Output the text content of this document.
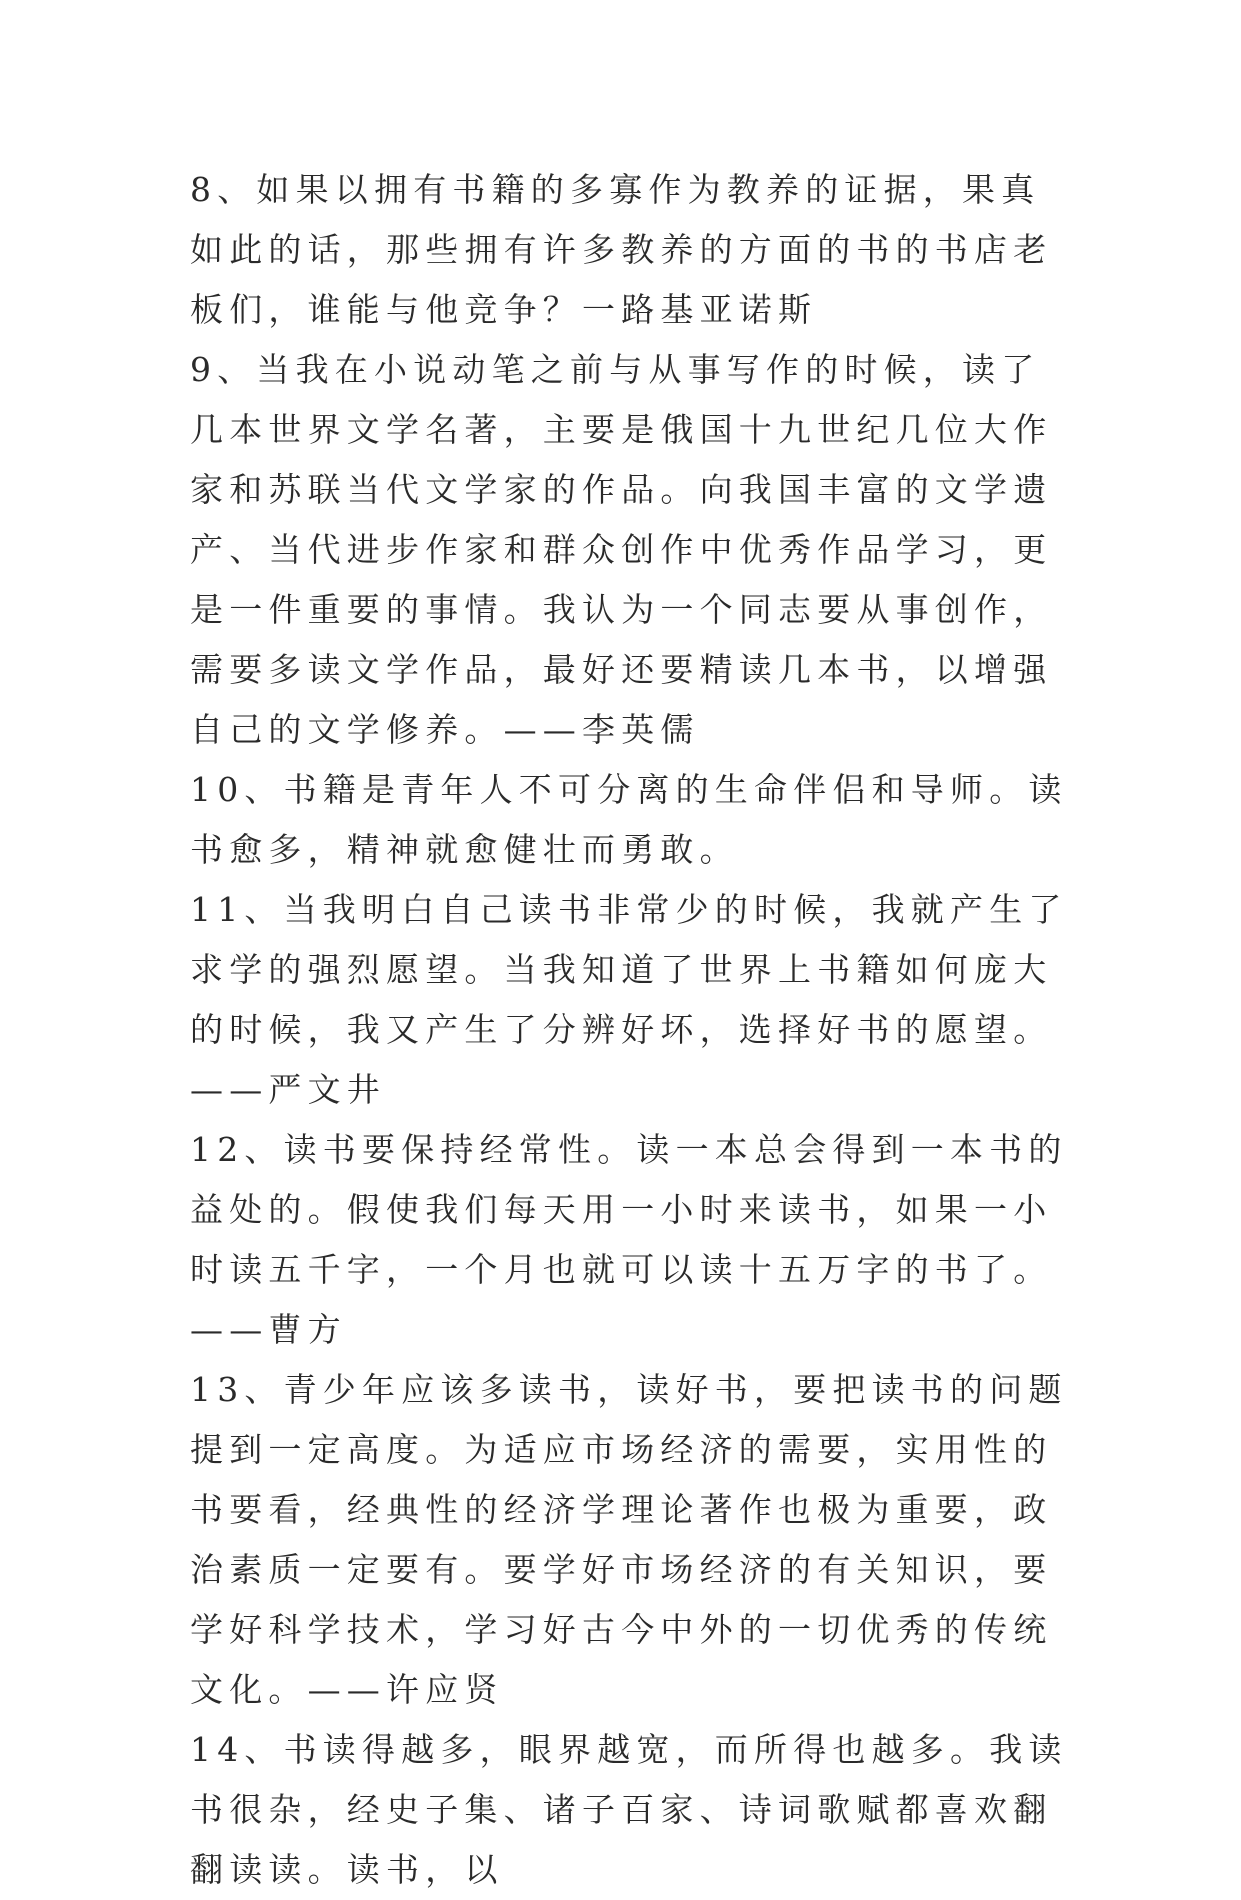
8、如果以拥有书籍的多寡作为教养的证据，果真如此的话，那些拥有许多教养的方面的书的书店老板们，谁能与他竞争？一路基亚诺斯

9、当我在小说动笔之前与从事写作的时候，读了几本世界文学名著，主要是俄国十九世纪几位大作家和苏联当代文学家的作品。向我国丰富的文学遗产、当代进步作家和群众创作中优秀作品学习，更是一件重要的事情。我认为一个同志要从事创作，需要多读文学作品，最好还要精读几本书，以增强自己的文学修养。——李英儒

10、书籍是青年人不可分离的生命伴侣和导师。读书愈多，精神就愈健壮而勇敢。

11、当我明白自己读书非常少的时候，我就产生了求学的强烈愿望。当我知道了世界上书籍如何庞大的时候，我又产生了分辨好坏，选择好书的愿望。——严文井

12、读书要保持经常性。读一本总会得到一本书的益处的。假使我们每天用一小时来读书，如果一小时读五千字，一个月也就可以读十五万字的书了。——曹方

13、青少年应该多读书，读好书，要把读书的问题提到一定高度。为适应市场经济的需要，实用性的书要看，经典性的经济学理论著作也极为重要，政治素质一定要有。要学好市场经济的有关知识，要学好科学技术，学习好古今中外的一切优秀的传统文化。——许应贤

14、书读得越多，眼界越宽，而所得也越多。我读书很杂，经史子集、诸子百家、诗词歌赋都喜欢翻翻读读。读书，以
